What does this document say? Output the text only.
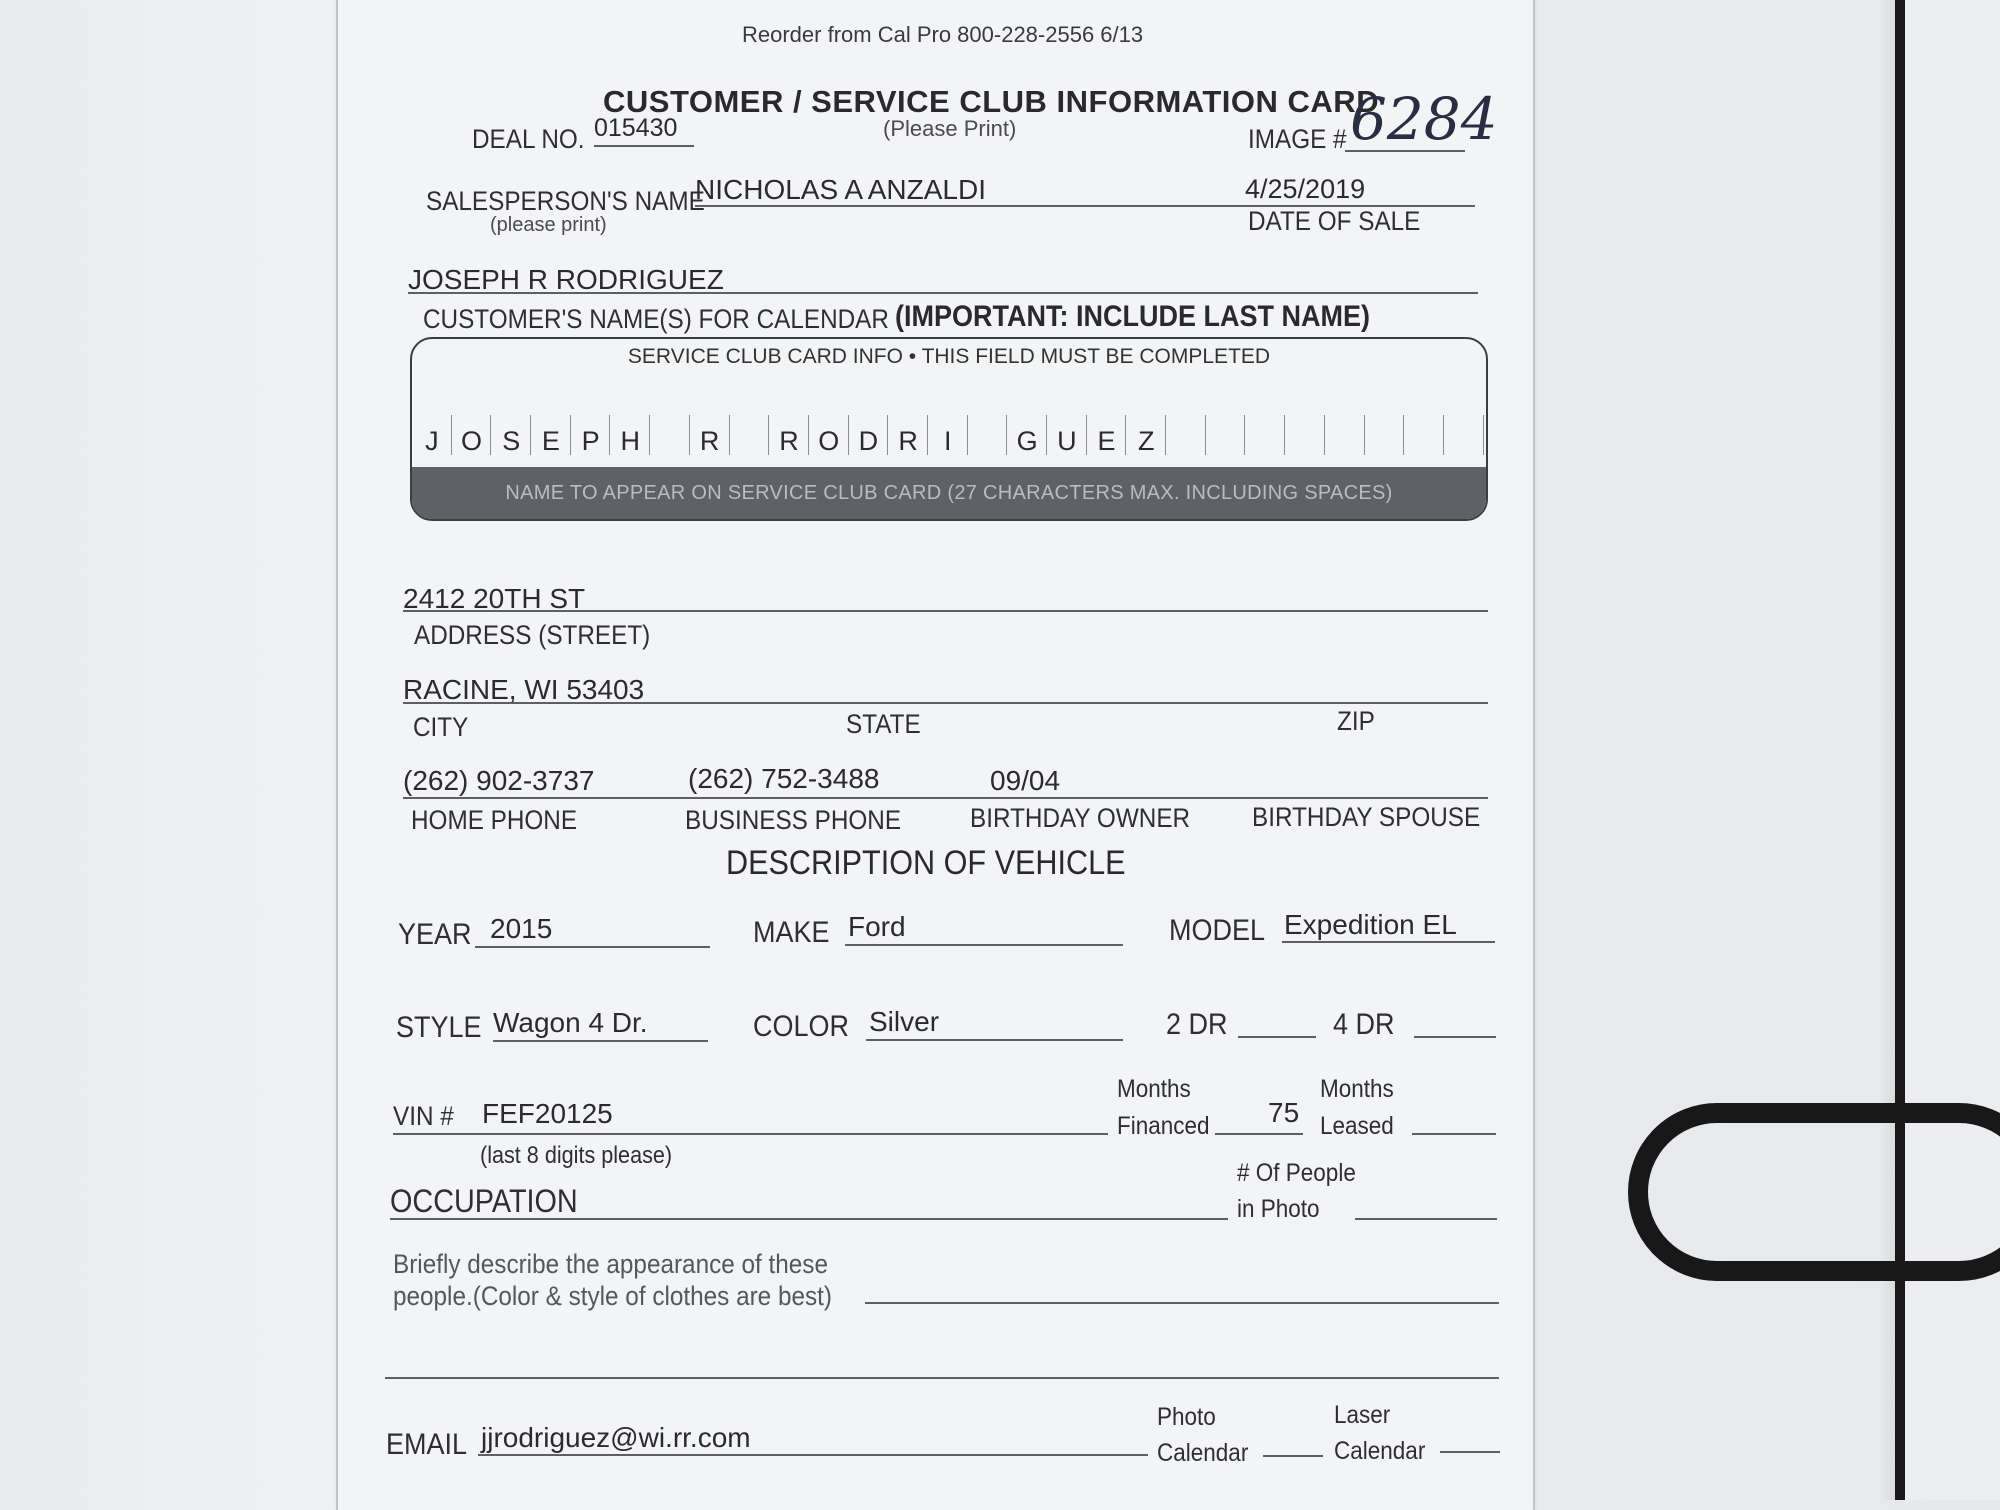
Reorder from Cal Pro 800-228-2556 6/13
CUSTOMER / SERVICE CLUB INFORMATION CARD
(Please Print)
DEAL NO. 015430	IMAGE # 6284
SALESPERSON'S NAME
(please print)
NICHOLAS A ANZALDI	4/25/2019
DATE OF SALE
JOSEPH R RODRIGUEZ
CUSTOMER'S NAME(S) FOR CALENDAR (IMPORTANT: INCLUDE LAST NAME)
SERVICE CLUB CARD INFO • THIS FIELD MUST BE COMPLETED
J O S E P H	R	R O D R I	G U E Z
NAME TO APPEAR ON SERVICE CLUB CARD (27 CHARACTERS MAX. INCLUDING SPACES)
2412 20TH ST
ADDRESS (STREET)
RACINE, WI 53403
CITY	STATE	ZIP
(262) 902-3737	(262) 752-3488	09/04
HOME PHONE	BUSINESS PHONE	BIRTHDAY OWNER BIRTHDAY SPOUSE
DESCRIPTION OF VEHICLE
YEAR 2015	MAKE Ford	MODEL Expedition EL
STYLE Wagon 4 Dr.	COLOR Silver	2 DR	4 DR
VIN # FEF20125
(last 8 digits please)
Months
Financed 75
Months
Leased
OCCUPATION
# Of People
in Photo
Briefly describe the appearance of these
people.(Color & style of clothes are best)
EMAIL jjrodriguez@wi.rr.com
Photo
Calendar
Laser
Calendar
